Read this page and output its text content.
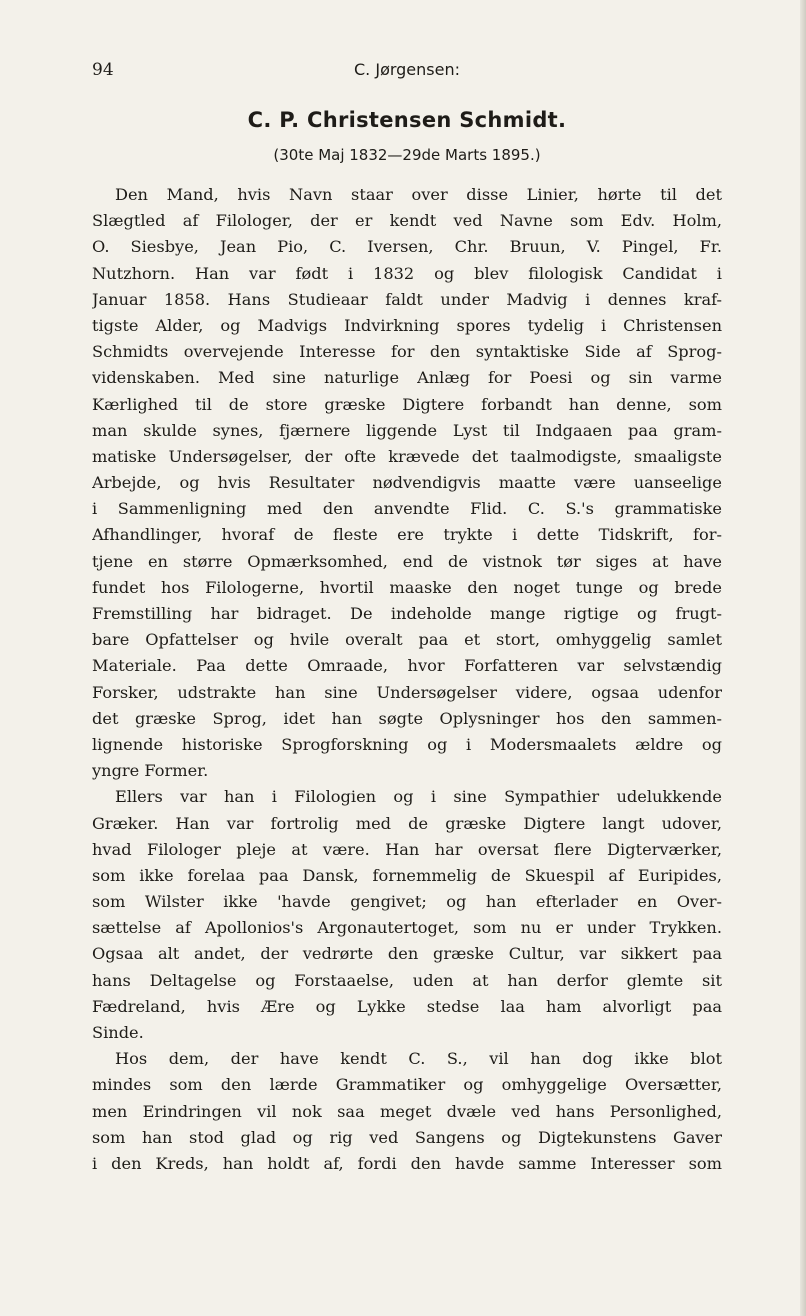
94	C. Jørgensen:
C. P. Christensen Schmidt.
(30te Maj 1832—29de Marts 1895.)
Den Mand, hvis Navn staar over disse Linier, hørte til det
Slægtled af Filologer, der er kendt ved Navne som Edv. Holm,
O. Siesbye, Jean Pio, C. Iversen, Chr. Bruun, V. Pingel, Fr.
Nutzhorn. Han var født i 1832 og blev filologisk Candidat i
Januar 1858. Hans Studieaar faldt under Madvig i dennes kraf-
tigste Alder, og Madvigs Indvirkning spores tydelig i Christensen
Schmidts overvejende Interesse for den syntaktiske Side af Sprog-
videnskaben. Med sine naturlige Anlæg for Poesi og sin varme
Kærlighed til de store græske Digtere forbandt han denne, som
man skulde synes, fjærnere liggende Lyst til Indgaaen paa gram-
matiske Undersøgelser, der ofte krævede det taalmodigste, smaaligste
Arbejde, og hvis Resultater nødvendigvis maatte være uanseelige
i Sammenligning med den anvendte Flid. C. S.'s grammatiske
Afhandlinger, hvoraf de fleste ere trykte i dette Tidskrift, for-
tjene en større Opmærksomhed, end de vistnok tør siges at have
fundet hos Filologerne, hvortil maaske den noget tunge og brede
Fremstilling har bidraget. De indeholde mange rigtige og frugt-
bare Opfattelser og hvile overalt paa et stort, omhyggelig samlet
Materiale. Paa dette Omraade, hvor Forfatteren var selvstændig
Forsker, udstrakte han sine Undersøgelser videre, ogsaa udenfor
det græske Sprog, idet han søgte Oplysninger hos den sammen-
lignende historiske Sprogforskning og i Modersmaalets ældre og
yngre Former.
Ellers var han i Filologien og i sine Sympathier udelukkende
Græker. Han var fortrolig med de græske Digtere langt udover,
hvad Filologer pleje at være. Han har oversat flere Digterværker,
som ikke forelaa paa Dansk, fornemmelig de Skuespil af Euripides,
som Wilster ikke 'havde gengivet; og han efterlader en Over-
sættelse af Apollonios's Argonautertoget, som nu er under Trykken.
Ogsaa alt andet, der vedrørte den græske Cultur, var sikkert paa
hans Deltagelse og Forstaaelse, uden at han derfor glemte sit
Fædreland, hvis Ære og Lykke stedse laa ham alvorligt paa
Sinde.
Hos dem, der have kendt C. S., vil han dog ikke blot
mindes som den lærde Grammatiker og omhyggelige Oversætter,
men Erindringen vil nok saa meget dvæle ved hans Personlighed,
som han stod glad og rig ved Sangens og Digtekunstens Gaver
i den Kreds, han holdt af, fordi den havde samme Interesser som
